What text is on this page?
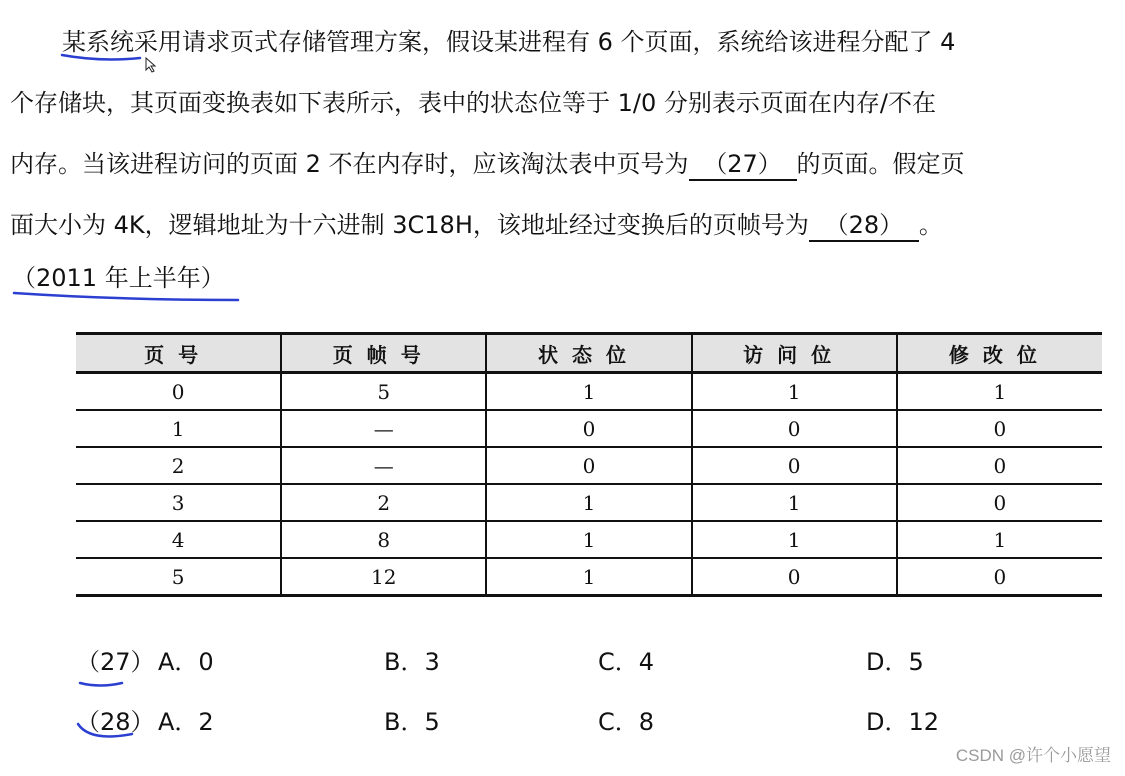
某系统采用请求页式存储管理方案，假设某进程有 6 个页面，系统给该进程分配了 4
个存储块，其页面变换表如下表所示，表中的状态位等于 1/0 分别表示页面在内存/不在
内存。当该进程访问的页面 2 不在内存时，应该淘汰表中页号为 （27） 的页面。假定页
面大小为 4K，逻辑地址为十六进制 3C18H，该地址经过变换后的页帧号为 （28） 。
（2011 年上半年）
页号	页帧号	状态位	访问位	修改位
0	5	1	1	1
1	—	0	0	0
2	—	0	0	0
3	2	1	1	0
4	8	1	1	1
5	12	1	0	0
（27） A．0	B．3	C．4	D．5
（28） A．2	B．5	C．8	D．12
CSDN @许个小愿望
